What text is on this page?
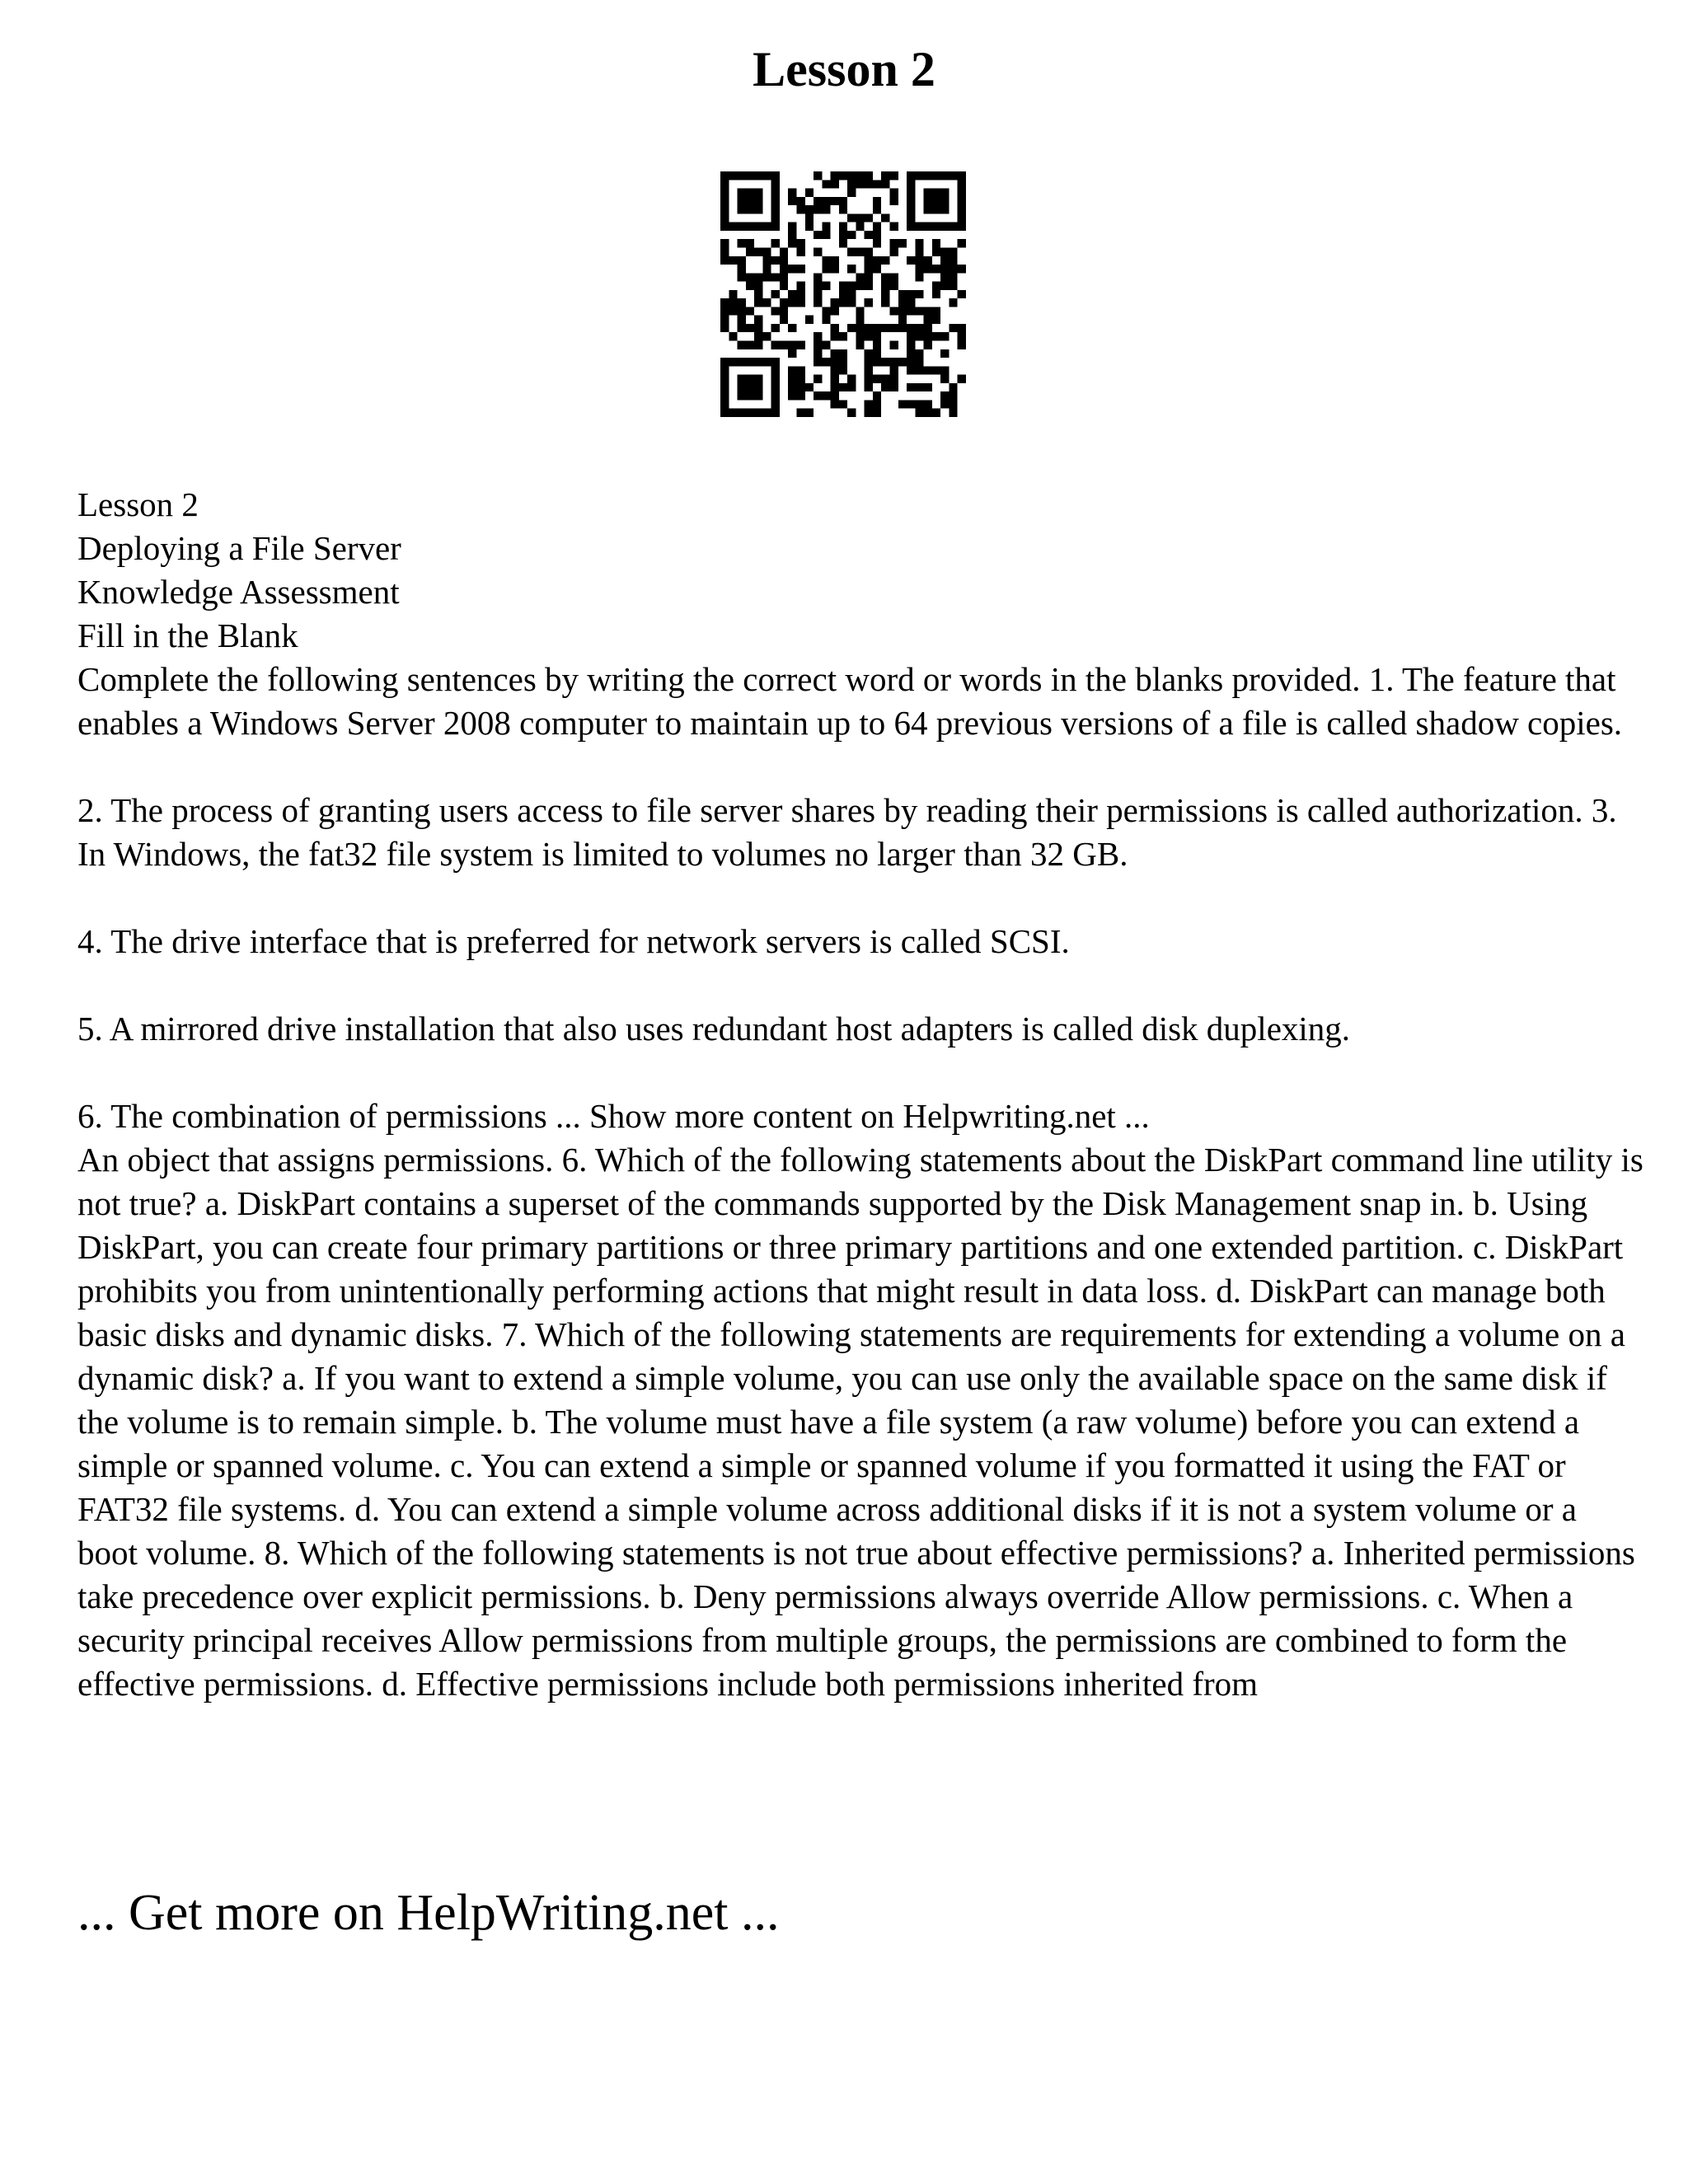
Lesson 2
Lesson 2
Deploying a File Server
Knowledge Assessment
Fill in the Blank

Complete the following sentences by writing the correct word or words in the blanks provided. 1. The feature that enables a Windows Server 2008 computer to maintain up to 64 previous versions of a file is called shadow copies.

2. The process of granting users access to file server shares by reading their permissions is called authorization. 3. In Windows, the fat32 file system is limited to volumes no larger than 32 GB.

4. The drive interface that is preferred for network servers is called SCSI.

5. A mirrored drive installation that also uses redundant host adapters is called disk duplexing.

6. The combination of permissions ... Show more content on Helpwriting.net ...

An object that assigns permissions. 6. Which of the following statements about the DiskPart command line utility is not true? a. DiskPart contains a superset of the commands supported by the Disk Management snap in. b. Using DiskPart, you can create four primary partitions or three primary partitions and one extended partition. c. DiskPart prohibits you from unintentionally performing actions that might result in data loss. d. DiskPart can manage both basic disks and dynamic disks. 7. Which of the following statements are requirements for extending a volume on a dynamic disk? a. If you want to extend a simple volume, you can use only the available space on the same disk if the volume is to remain simple. b. The volume must have a file system (a raw volume) before you can extend a simple or spanned volume. c. You can extend a simple or spanned volume if you formatted it using the FAT or FAT32 file systems. d. You can extend a simple volume across additional disks if it is not a system volume or a boot volume. 8. Which of the following statements is not true about effective permissions? a. Inherited permissions take precedence over explicit permissions. b. Deny permissions always override Allow permissions. c. When a security principal receives Allow permissions from multiple groups, the permissions are combined to form the effective permissions. d. Effective permissions include both permissions inherited from

... Get more on HelpWriting.net ...
